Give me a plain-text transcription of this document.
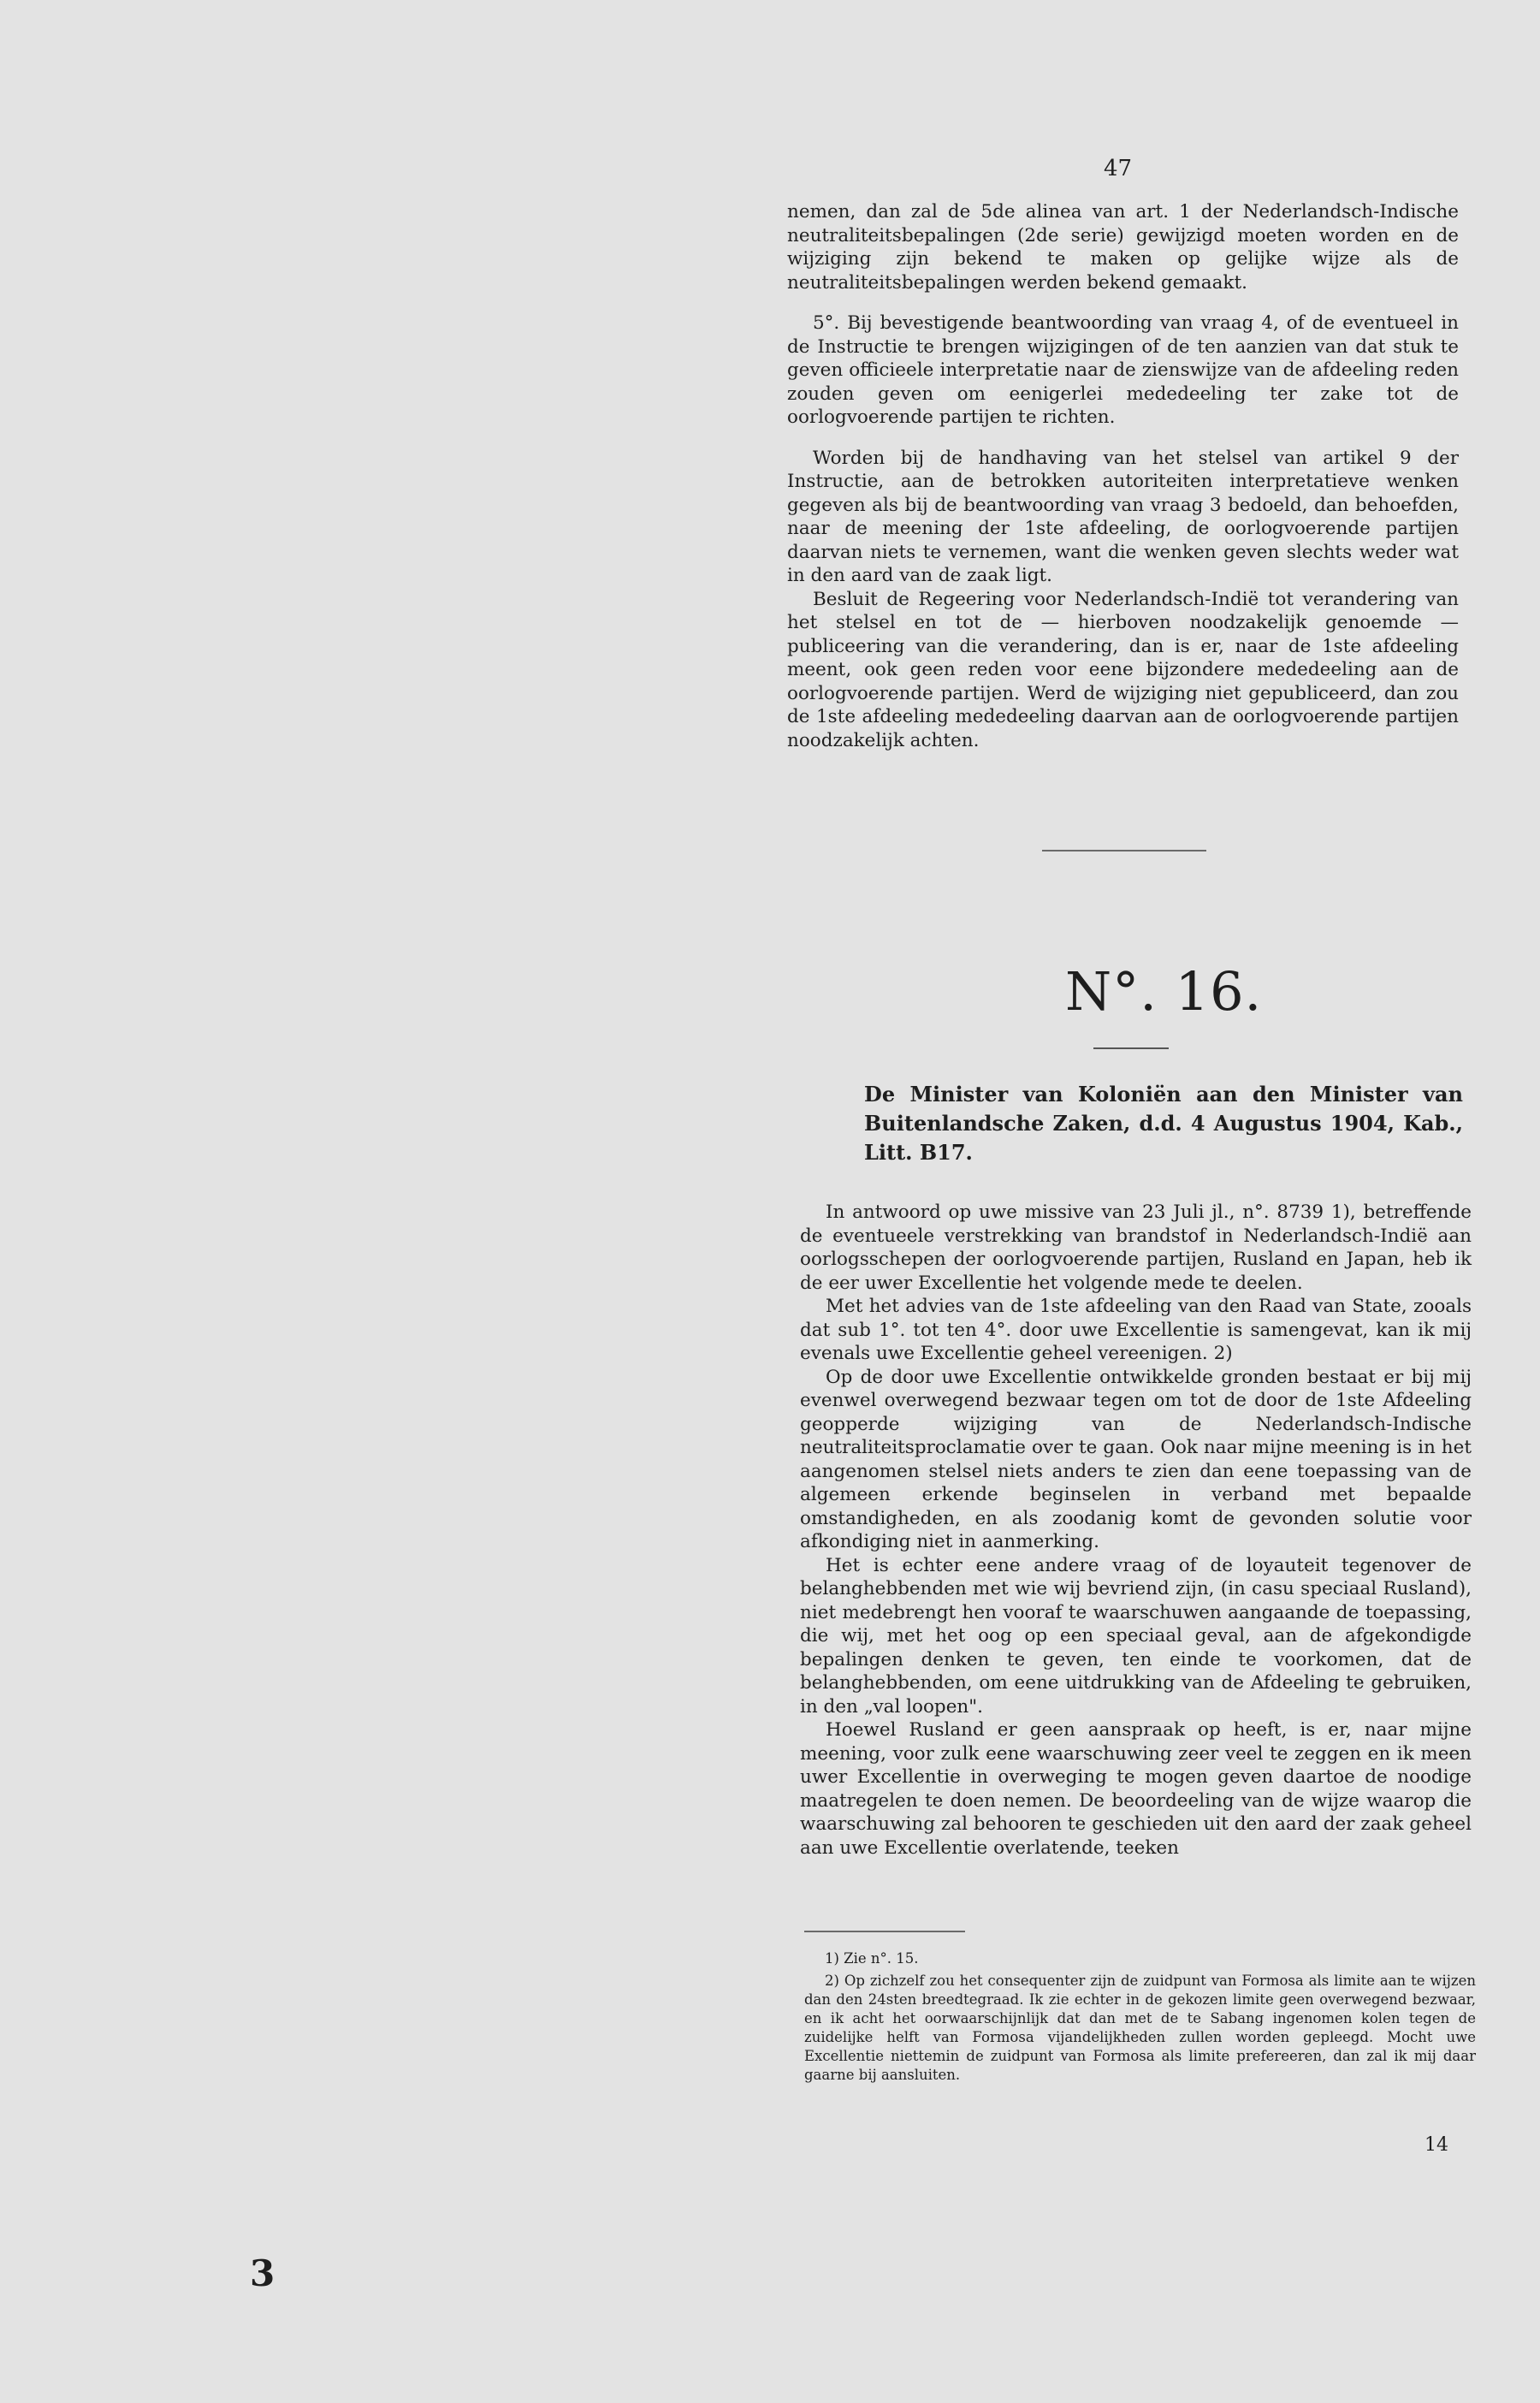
47

nemen, dan zal de 5de alinea van art. 1 der Nederlandsch-Indische neutraliteitsbepalingen (2de serie) gewijzigd moeten worden en de wijziging zijn bekend te maken op gelijke wijze als de neutraliteitsbepalingen werden bekend gemaakt.

5°. Bij bevestigende beantwoording van vraag 4, of de eventueel in de Instructie te brengen wijzigingen of de ten aanzien van dat stuk te geven officieele interpretatie naar de zienswijze van de afdeeling reden zouden geven om eenigerlei mededeeling ter zake tot de oorlogvoerende partijen te richten.

Worden bij de handhaving van het stelsel van artikel 9 der Instructie, aan de betrokken autoriteiten interpretatieve wenken gegeven als bij de beantwoording van vraag 3 bedoeld, dan behoefden, naar de meening der 1ste afdeeling, de oorlogvoerende partijen daarvan niets te vernemen, want die wenken geven slechts weder wat in den aard van de zaak ligt.

Besluit de Regeering voor Nederlandsch-Indië tot verandering van het stelsel en tot de — hierboven noodzakelijk genoemde — publiceering van die verandering, dan is er, naar de 1ste afdeeling meent, ook geen reden voor eene bijzondere mededeeling aan de oorlogvoerende partijen. Werd de wijziging niet gepubliceerd, dan zou de 1ste afdeeling mededeeling daarvan aan de oorlogvoerende partijen noodzakelijk achten.

N°. 16.
De Minister van Koloniën aan den Minister van Buitenlandsche Zaken, d.d. 4 Augustus 1904, Kab., Litt. B17.

In antwoord op uwe missive van 23 Juli jl., n°. 8739 1), betreffende de eventueele verstrekking van brandstof in Nederlandsch-Indië aan oorlogsschepen der oorlogvoerende partijen, Rusland en Japan, heb ik de eer uwer Excellentie het volgende mede te deelen.

Met het advies van de 1ste afdeeling van den Raad van State, zooals dat sub 1°. tot ten 4°. door uwe Excellentie is samengevat, kan ik mij evenals uwe Excellentie geheel vereenigen. 2)

Op de door uwe Excellentie ontwikkelde gronden bestaat er bij mij evenwel overwegend bezwaar tegen om tot de door de 1ste Afdeeling geopperde wijziging van de Nederlandsch-Indische neutraliteitsproclamatie over te gaan. Ook naar mijne meening is in het aangenomen stelsel niets anders te zien dan eene toepassing van de algemeen erkende beginselen in verband met bepaalde omstandigheden, en als zoodanig komt de gevonden solutie voor afkondiging niet in aanmerking.

Het is echter eene andere vraag of de loyauteit tegenover de belanghebbenden met wie wij bevriend zijn, (in casu speciaal Rusland), niet medebrengt hen vooraf te waarschuwen aangaande de toepassing, die wij, met het oog op een speciaal geval, aan de afgekondigde bepalingen denken te geven, ten einde te voorkomen, dat de belanghebbenden, om eene uitdrukking van de Afdeeling te gebruiken, in den „val loopen".

Hoewel Rusland er geen aanspraak op heeft, is er, naar mijne meening, voor zulk eene waarschuwing zeer veel te zeggen en ik meen uwer Excellentie in overweging te mogen geven daartoe de noodige maatregelen te doen nemen. De beoordeeling van de wijze waarop die waarschuwing zal behooren te geschieden uit den aard der zaak geheel aan uwe Excellentie overlatende, teeken

1) Zie n°. 15.

2) Op zichzelf zou het consequenter zijn de zuidpunt van Formosa als limite aan te wijzen dan den 24sten breedtegraad. Ik zie echter in de gekozen limite geen overwegend bezwaar, en ik acht het oorwaarschijnlijk dat dan met de te Sabang ingenomen kolen tegen de zuidelijke helft van Formosa vijandelijkheden zullen worden gepleegd. Mocht uwe Excellentie niettemin de zuidpunt van Formosa als limite prefereeren, dan zal ik mij daar gaarne bij aansluiten.

14
3
